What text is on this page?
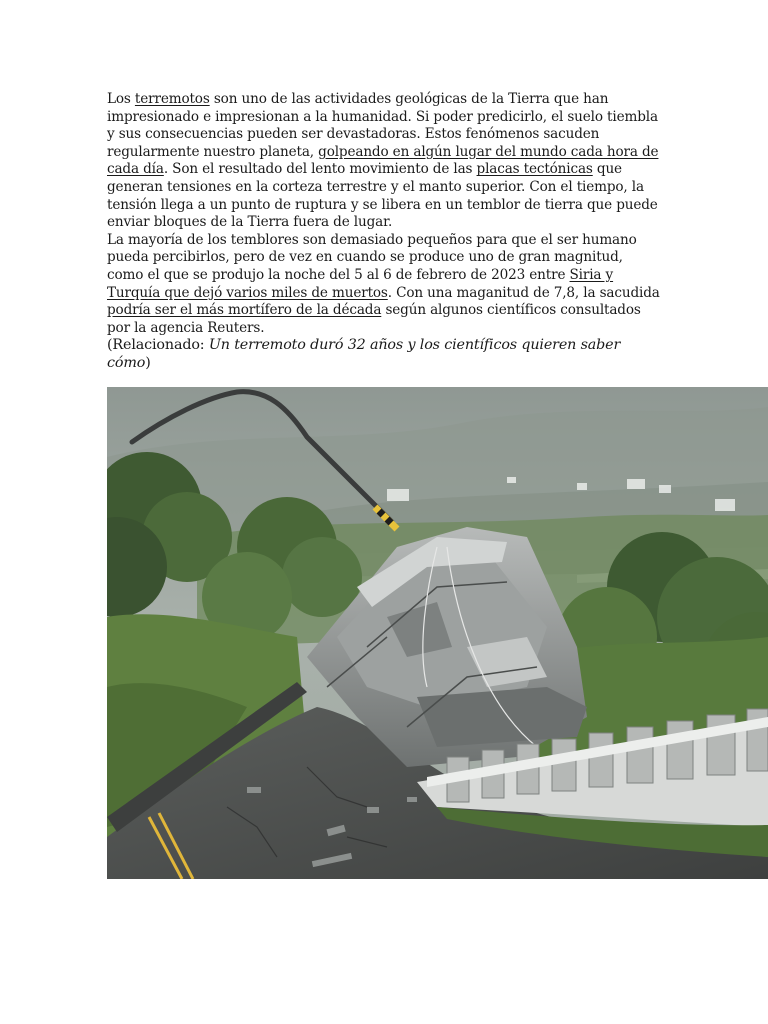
Los terremotos son uno de las actividades geológicas de la Tierra que han impresionado e impresionan a la humanidad. Si poder predicirlo, el suelo tiembla y sus consecuencias pueden ser devastadoras. Estos fenómenos sacuden regularmente nuestro planeta, golpeando en algún lugar del mundo cada hora de cada día. Son el resultado del lento movimiento de las placas tectónicas que generan tensiones en la corteza terrestre y el manto superior. Con el tiempo, la tensión llega a un punto de ruptura y se libera en un temblor de tierra que puede enviar bloques de la Tierra fuera de lugar.

La mayoría de los temblores son demasiado pequeños para que el ser humano pueda percibirlos, pero de vez en cuando se produce uno de gran magnitud, como el que se produjo la noche del 5 al 6 de febrero de 2023 entre Siria y Turquía que dejó varios miles de muertos. Con una maganitud de 7,8, la sacudida podría ser el más mortífero de la década según algunos científicos consultados por la agencia Reuters.

(Relacionado: Un terremoto duró 32 años y los científicos quieren saber cómo)
